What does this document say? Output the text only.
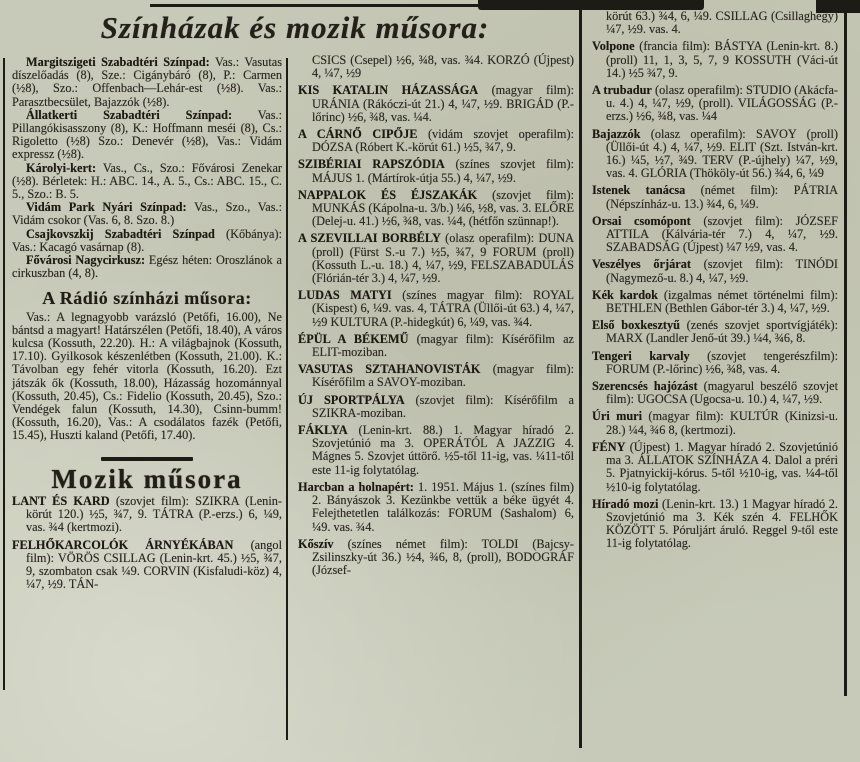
Színházak és mozik műsora:

Margitszigeti Szabadtéri Színpad: Vas.: Vasutas díszelőadás (8), Sze.: Cigánybáró (8), P.: Carmen (½8), Szo.: Offenbach—Lehár-est (½8). Vas.: Parasztbecsület, Bajazzók (½8).

Állatkerti Szabadtéri Színpad: Vas.: Pillangókisasszony (8), K.: Hoffmann meséi (8), Cs.: Rigoletto (½8) Szo.: Denevér (½8), Vas.: Vidám expressz (½8).

Károlyi-kert: Vas., Cs., Szo.: Fővárosi Zenekar (½8). Bérletek: H.: ABC. 14., A. 5., Cs.: ABC. 15., C. 5., Szo.: B. 5.

Vidám Park Nyári Színpad: Vas., Szo., Vas.: Vidám csokor (Vas. 6, 8. Szo. 8.)

Csajkovszkij Szabadtéri Színpad (Kőbánya): Vas.: Kacagó vasárnap (8).

Fővárosi Nagycirkusz: Egész héten: Oroszlánok a cirkuszban (4, 8).

A Rádió színházi műsora:

Vas.: A legnagyobb varázsló (Petőfi, 16.00), Ne bántsd a magyart! Határszélen (Petőfi, 18.40), A város kulcsa (Kossuth, 22.20). H.: A világbajnok (Kossuth, 17.10). Gyilkosok készenlétben (Kossuth, 21.00). K.: Távolban egy fehér vitorla (Kossuth, 16.20). Ezt játszák ők (Kossuth, 18.00), Házasság hozománnyal (Kossuth, 20.45), Cs.: Fidelio (Kossuth, 20.45), Szo.: Vendégek falun (Kossuth, 14.30), Csinn-bumm! (Kossuth, 16.20), Vas.: A csodálatos fazék (Petőfi, 15.45), Huszti kaland (Petőfi, 17.40).

Mozik műsora

LANT ÉS KARD (szovjet film): SZIKRA (Lenin-körút 120.) ½5, ¾7, 9. TÁTRA (P.-erzs.) 6, ¼9, vas. ¾4 (kertmozi).

FELHŐKARCOLÓK ÁRNYÉKÁBAN (angol film): VÖRÖS CSILLAG (Lenin-krt. 45.) ½5, ¾7, 9, szombaton csak ¼9. CORVIN (Kisfaludi-köz) 4, ¼7, ½9. TÁN-

CSICS (Csepel) ½6, ¾8, vas. ¾4. KORZÓ (Újpest) 4, ¼7, ½9

KIS KATALIN HÁZASSÁGA (magyar film): URÁNIA (Rákóczi-út 21.) 4, ¼7, ½9. BRIGÁD (P.-lőrinc) ½6, ¾8, vas. ¼4.

A CÁRNŐ CIPŐJE (vidám szovjet operafilm): DÓZSA (Róbert K.-körút 61.) ½5, ¾7, 9.

SZIBÉRIAI RAPSZÓDIA (színes szovjet film): MÁJUS 1. (Mártírok-útja 55.) 4, ¼7, ½9.

NAPPALOK ÉS ÉJSZAKÁK (szovjet film): MUNKÁS (Kápolna-u. 3/b.) ¼6, ½8, vas. 3. ELŐRE (Delej-u. 41.) ½6, ¾8, vas. ¼4, (hétfőn szünnap!).

A SZEVILLAI BORBÉLY (olasz operafilm): DUNA (proll) (Fürst S.-u 7.) ½5, ¾7, 9 FORUM (proll) (Kossuth L.-u. 18.) 4, ¼7, ½9, FELSZABADULÁS (Flórián-tér 3.) 4, ¼7, ½9.

LUDAS MATYI (színes magyar film): ROYAL (Kispest) 6, ¼9. vas. 4, TÁTRA (Üllői-út 63.) 4, ¼7, ½9 KULTURA (P.-hidegkút) 6, ¼9, vas. ¾4.

ÉPÜL A BÉKEMŰ (magyar film): Kísérőfilm az ELIT-moziban.

VASUTAS SZTAHANOVISTÁK (magyar film): Kísérőfilm a SAVOY-moziban.

ÚJ SPORTPÁLYA (szovjet film): Kísérőfilm a SZIKRA-moziban.

FÁKLYA (Lenin-krt. 88.) 1. Magyar híradó 2. Szovjetúnió ma 3. OPERÁTÓL A JAZZIG 4. Mágnes 5. Szovjet úttörő. ½5-től 11-ig, vas. ¼11-től este 11-ig folytatólag.

Harcban a holnapért: 1. 1951. Május 1. (színes film) 2. Bányászok 3. Kezünkbe vettük a béke ügyét 4. Felejthetetlen találkozás: FORUM (Sashalom) 6, ¼9. vas. ¾4.

Kőszív (színes német film): TOLDI (Bajcsy-Zsilinszky-út 36.) ½4, ¾6, 8, (proll), BODOGRÁF (József-

körút 63.) ¾4, 6, ¼9. CSILLAG (Csillaghegy) ¼7, ½9. vas. 4.

Volpone (francia film): BÁSTYA (Lenin-krt. 8.) (proll) 11, 1, 3, 5, 7, 9 KOSSUTH (Váci-út 14.) ½5 ¾7, 9.

A trubadur (olasz operafilm): STUDIO (Akácfa-u. 4.) 4, ¼7, ½9, (proll). VILÁGOSSÁG (P.-erzs.) ½6, ¾8, vas. ¼4

Bajazzók (olasz operafilm): SAVOY (proll) (Üllői-út 4.) 4, ¼7, ½9. ELIT (Szt. István-krt. 16.) ¼5, ½7, ¾9. TERV (P.-újhely) ¼7, ½9, vas. 4. GLÓRIA (Thököly-út 56.) ¾4, 6, ¼9

Istenek tanácsa (német film): PÁTRIA (Népszínház-u. 13.) ¾4, 6, ¼9.

Orsai csomópont (szovjet film): JÓZSEF ATTILA (Kálvária-tér 7.) 4, ¼7, ½9. SZABADSÁG (Újpest) ¼7 ½9, vas. 4.

Veszélyes őrjárat (szovjet film): TINÓDI (Nagymező-u. 8.) 4, ¼7, ½9.

Kék kardok (izgalmas német történelmi film): BETHLEN (Bethlen Gábor-tér 3.) 4, ¼7, ½9.

Első boxkesztyű (zenés szovjet sportvígjáték): MARX (Landler Jenő-út 39.) ¼4, ¾6, 8.

Tengeri karvaly (szovjet tengerészfilm): FORUM (P.-lőrinc) ½6, ¾8, vas. 4.

Szerencsés hajózást (magyarul beszélő szovjet film): UGOCSA (Ugocsa-u. 10.) 4, ¼7, ½9.

Úri muri (magyar film): KULTÚR (Kinizsi-u. 28.) ¼4, ¾6 8, (kertmozi).

FÉNY (Újpest) 1. Magyar híradó 2. Szovjetúnió ma 3. ÁLLATOK SZÍNHÁZA 4. Dalol a préri 5. Pjatnyickij-kórus. 5-től ½10-ig, vas. ¼4-től ½10-ig folytatólag.

Híradó mozi (Lenin-krt. 13.) 1 Magyar híradó 2. Szovjetúnió ma 3. Kék szén 4. FELHŐK KÖZÖTT 5. Póruljárt áruló. Reggel 9-től este 11-ig folytatólag.
